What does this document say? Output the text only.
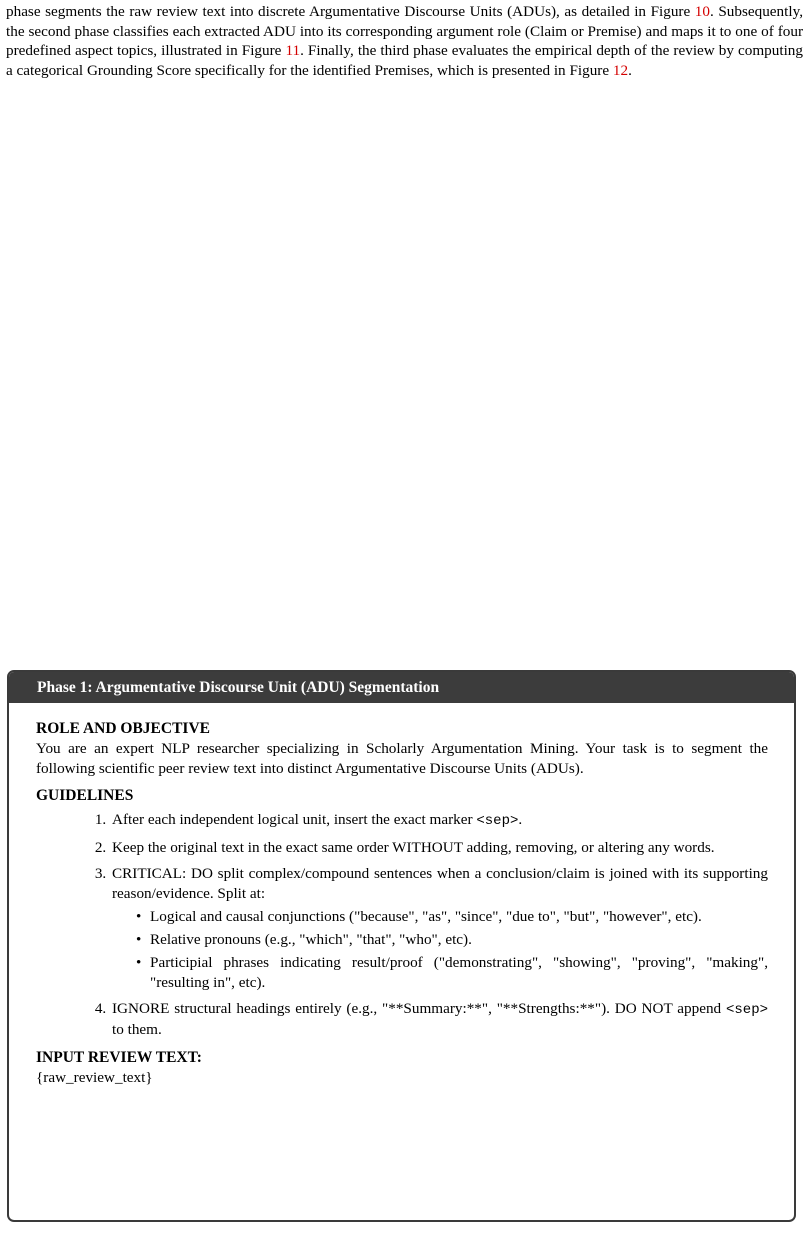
phase segments the raw review text into discrete Argumentative Discourse Units (ADUs), as detailed in Figure 10. Subsequently, the second phase classifies each extracted ADU into its corresponding argument role (Claim or Premise) and maps it to one of four predefined aspect topics, illustrated in Figure 11. Finally, the third phase evaluates the empirical depth of the review by computing a categorical Grounding Score specifically for the identified Premises, which is presented in Figure 12.
Phase 1: Argumentative Discourse Unit (ADU) Segmentation
ROLE AND OBJECTIVE

You are an expert NLP researcher specializing in Scholarly Argumentation Mining. Your task is to segment the following scientific peer review text into distinct Argumentative Discourse Units (ADUs).

GUIDELINES
1. After each independent logical unit, insert the exact marker <sep>.
2. Keep the original text in the exact same order WITHOUT adding, removing, or altering any words.
3. CRITICAL: DO split complex/compound sentences when a conclusion/claim is joined with its supporting reason/evidence. Split at:
• Logical and causal conjunctions ("because", "as", "since", "due to", "but", "however", etc).
• Relative pronouns (e.g., "which", "that", "who", etc).
• Participial phrases indicating result/proof ("demonstrating", "showing", "proving", "making", "resulting in", etc).
4. IGNORE structural headings entirely (e.g., "**Summary:**", "**Strengths:**"). DO NOT append <sep> to them.
INPUT REVIEW TEXT:

{raw_review_text}
